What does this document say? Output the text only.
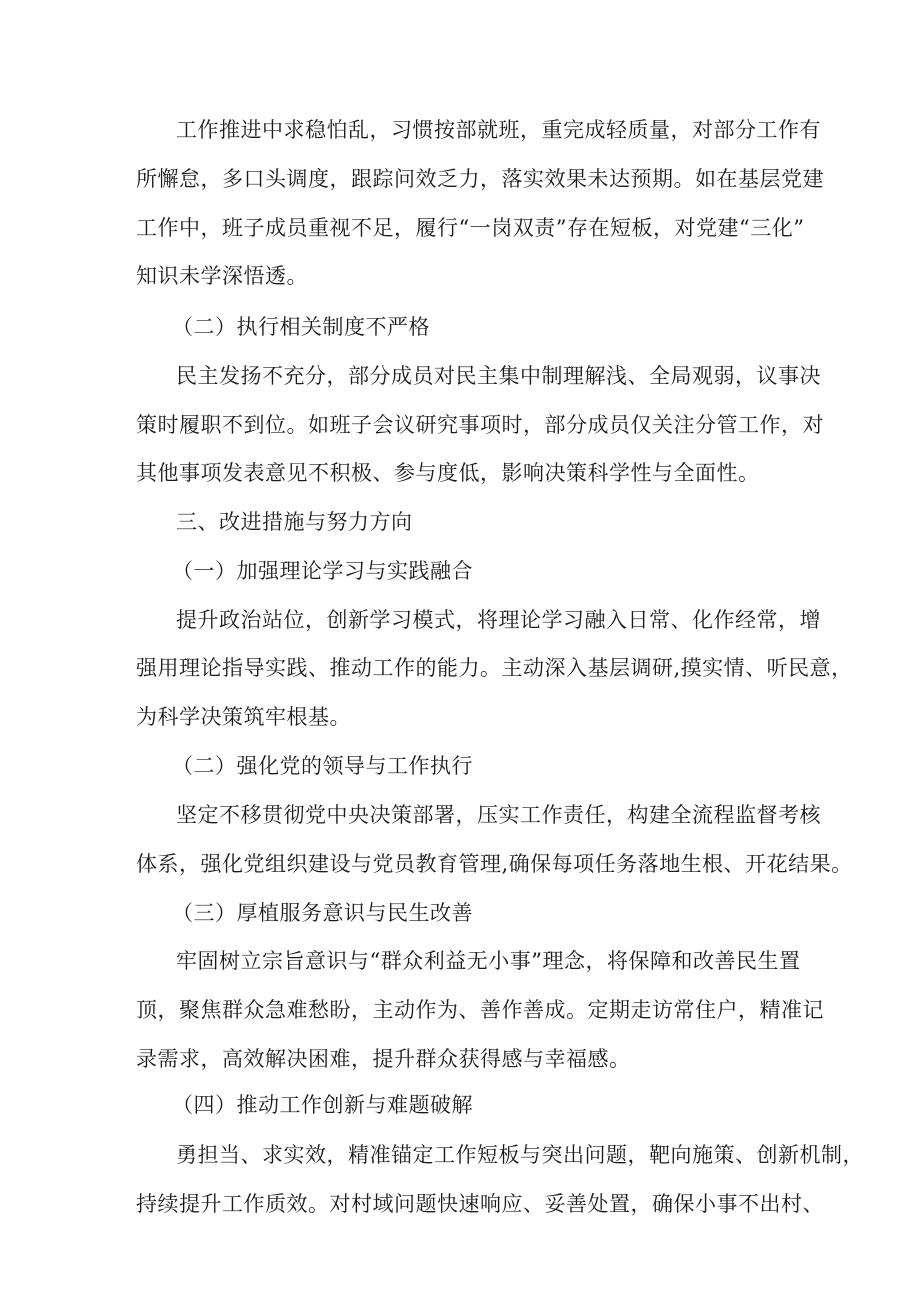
工作推进中求稳怕乱，习惯按部就班，重完成轻质量，对部分工作有
所懈怠，多口头调度，跟踪问效乏力，落实效果未达预期。如在基层党建
工作中，班子成员重视不足，履行“一岗双责”存在短板，对党建“三化”
知识未学深悟透。
（二）执行相关制度不严格
民主发扬不充分，部分成员对民主集中制理解浅、全局观弱，议事决
策时履职不到位。如班子会议研究事项时，部分成员仅关注分管工作，对
其他事项发表意见不积极、参与度低，影响决策科学性与全面性。
三、改进措施与努力方向
（一）加强理论学习与实践融合
提升政治站位，创新学习模式，将理论学习融入日常、化作经常，增
强用理论指导实践、推动工作的能力。主动深入基层调研,摸实情、听民意，
为科学决策筑牢根基。
（二）强化党的领导与工作执行
坚定不移贯彻党中央决策部署，压实工作责任，构建全流程监督考核
体系，强化党组织建设与党员教育管理,确保每项任务落地生根、开花结果。
（三）厚植服务意识与民生改善
牢固树立宗旨意识与“群众利益无小事”理念，将保障和改善民生置
顶，聚焦群众急难愁盼，主动作为、善作善成。定期走访常住户，精准记
录需求，高效解决困难，提升群众获得感与幸福感。
（四）推动工作创新与难题破解
勇担当、求实效，精准锚定工作短板与突出问题，靶向施策、创新机制，
持续提升工作质效。对村域问题快速响应、妥善处置，确保小事不出村、
